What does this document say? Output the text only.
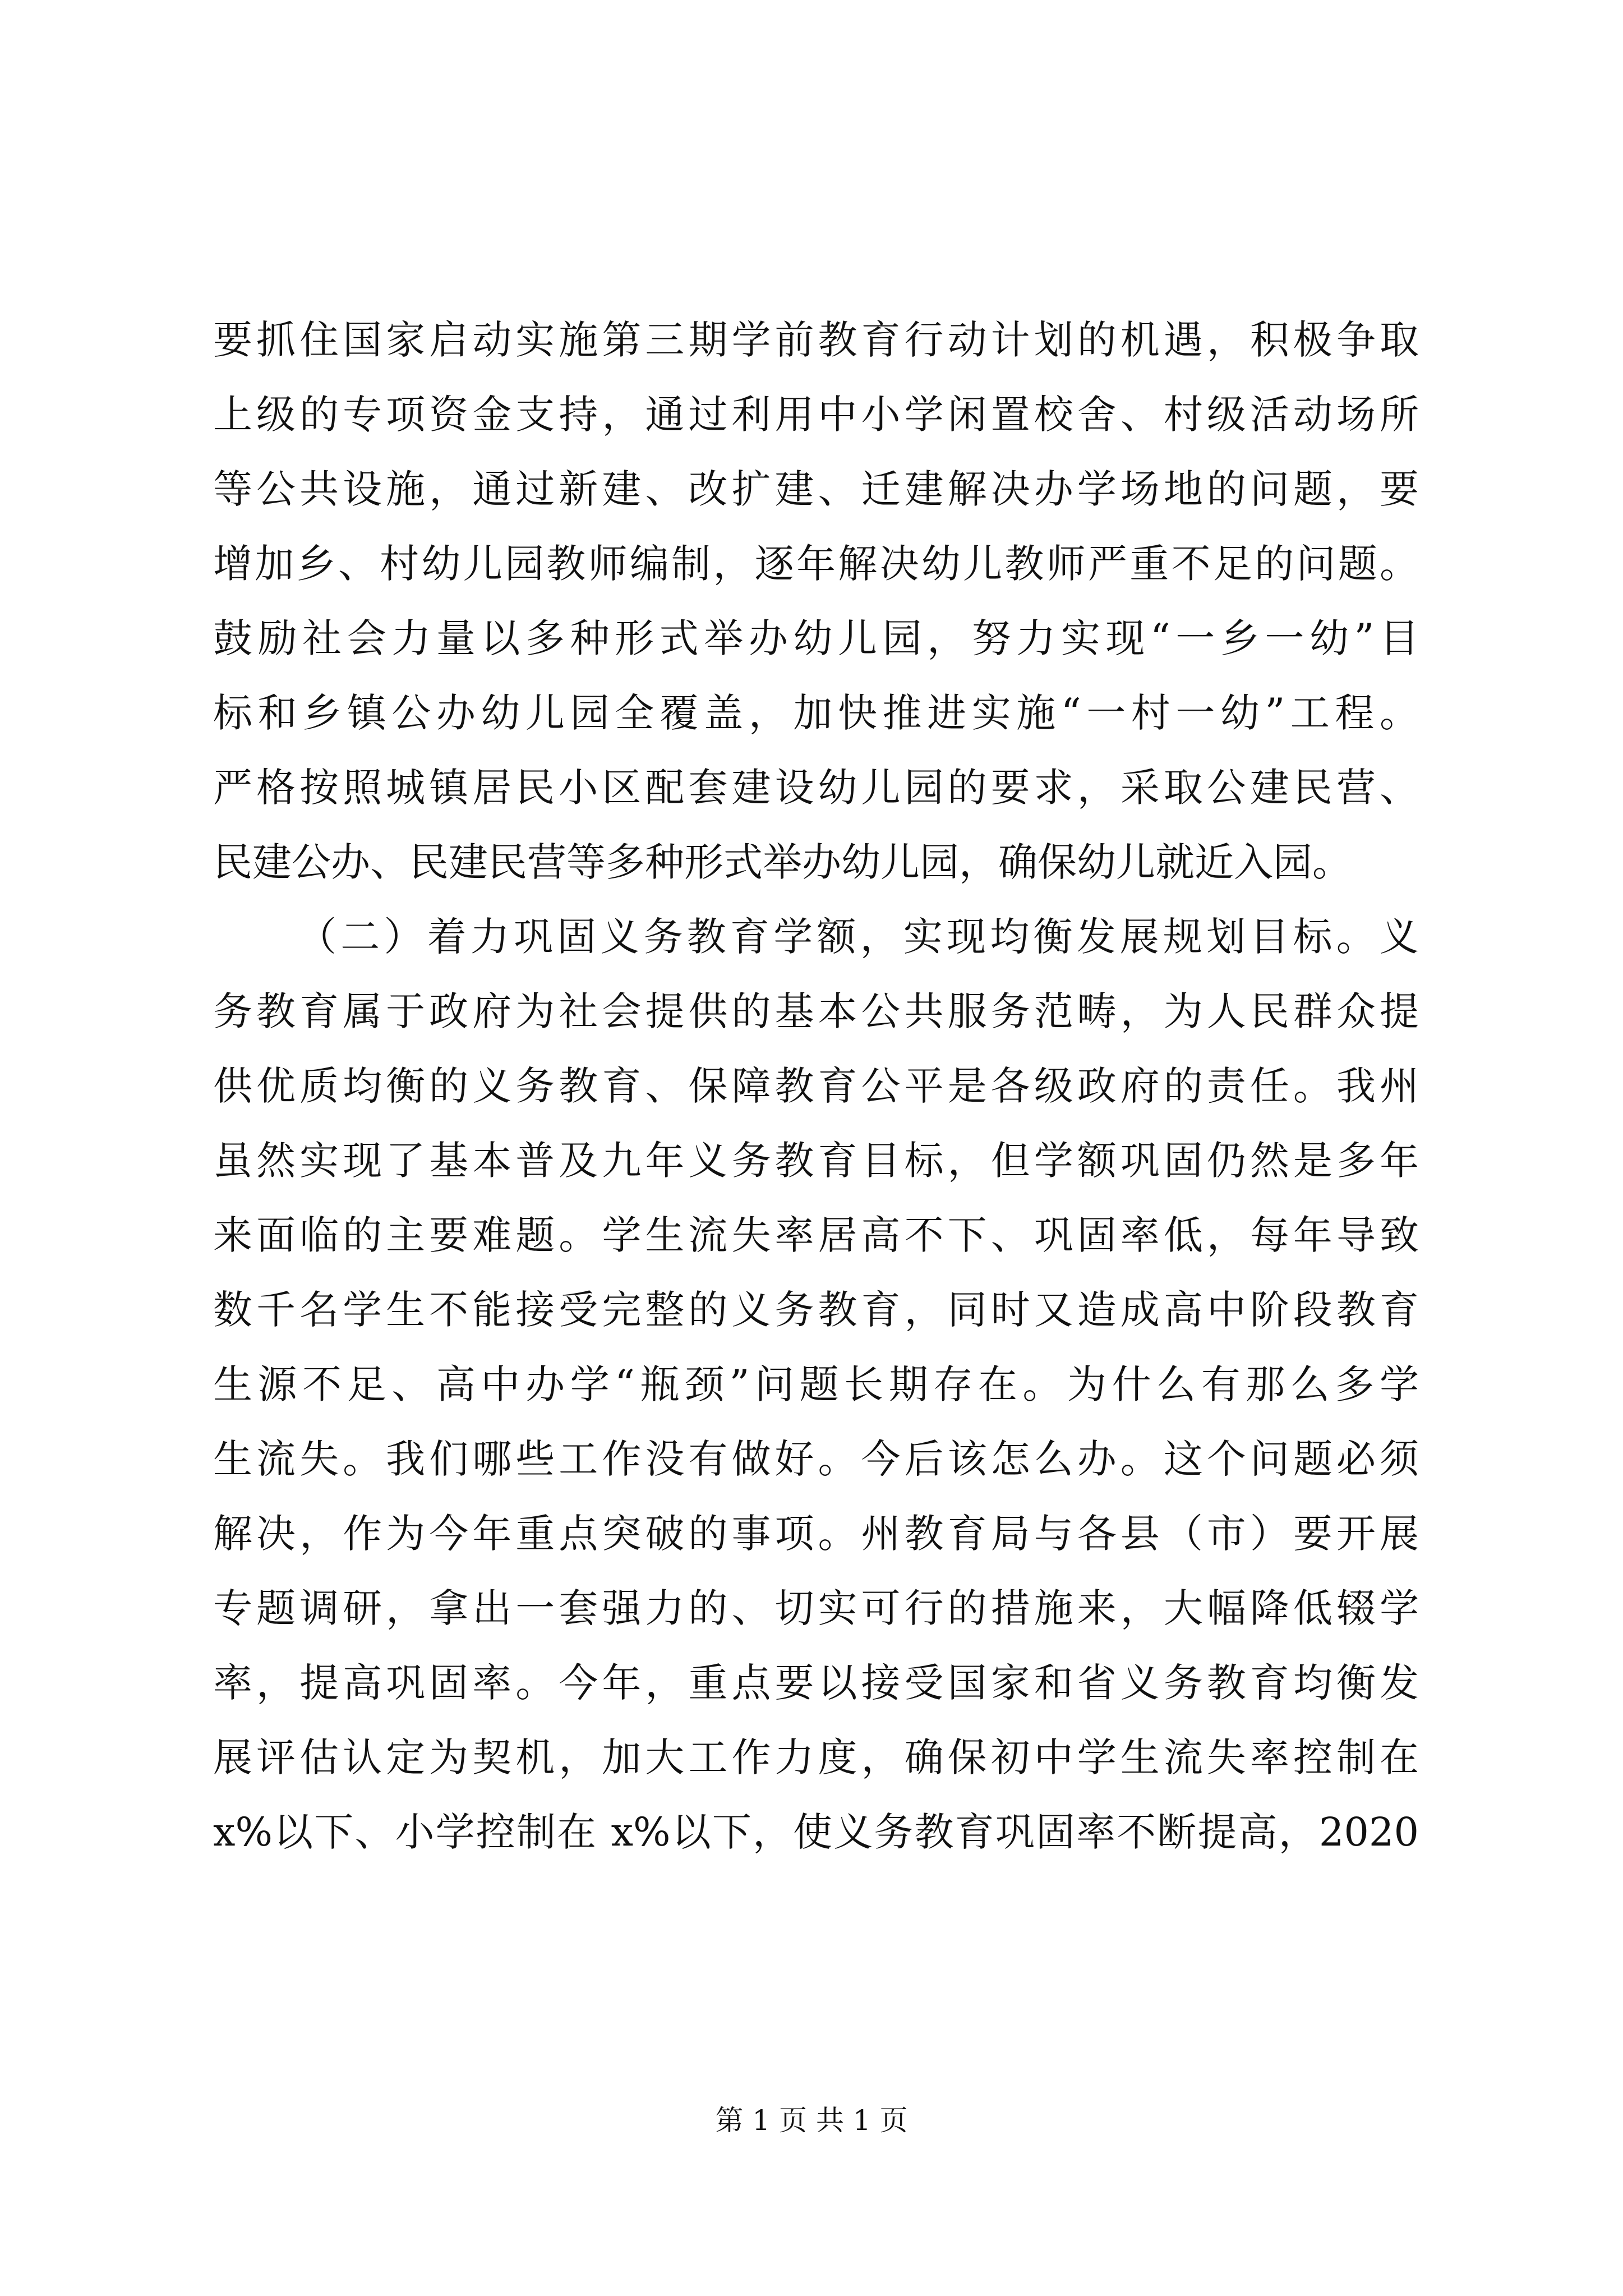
要抓住国家启动实施第三期学前教育行动计划的机遇，积极争取
上级的专项资金支持，通过利用中小学闲置校舍、村级活动场所
等公共设施，通过新建、改扩建、迁建解决办学场地的问题，要
增加乡、村幼儿园教师编制，逐年解决幼儿教师严重不足的问题。
鼓励社会力量以多种形式举办幼儿园，努力实现“一乡一幼”目
标和乡镇公办幼儿园全覆盖，加快推进实施“一村一幼”工程。
严格按照城镇居民小区配套建设幼儿园的要求，采取公建民营、
民建公办、民建民营等多种形式举办幼儿园，确保幼儿就近入园。
（二）着力巩固义务教育学额，实现均衡发展规划目标。义
务教育属于政府为社会提供的基本公共服务范畴，为人民群众提
供优质均衡的义务教育、保障教育公平是各级政府的责任。我州
虽然实现了基本普及九年义务教育目标，但学额巩固仍然是多年
来面临的主要难题。学生流失率居高不下、巩固率低，每年导致
数千名学生不能接受完整的义务教育，同时又造成高中阶段教育
生源不足、高中办学“瓶颈”问题长期存在。为什么有那么多学
生流失。我们哪些工作没有做好。今后该怎么办。这个问题必须
解决，作为今年重点突破的事项。州教育局与各县（市）要开展
专题调研，拿出一套强力的、切实可行的措施来，大幅降低辍学
率，提高巩固率。今年，重点要以接受国家和省义务教育均衡发
展评估认定为契机，加大工作力度，确保初中学生流失率控制在
x%以下、小学控制在 x%以下，使义务教育巩固率不断提高，2020
第 1 页 共 1 页
